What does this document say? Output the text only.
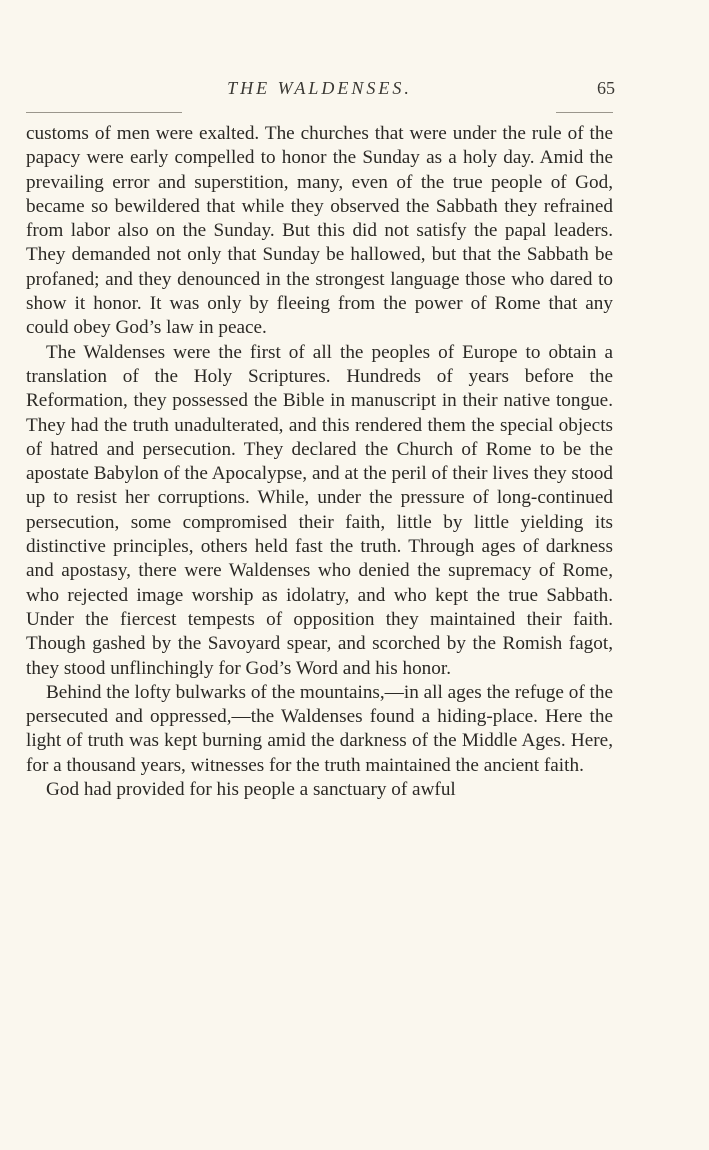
THE WALDENSES.	65

customs of men were exalted. The churches that were under the rule of the papacy were early compelled to honor the Sunday as a holy day. Amid the prevailing error and superstition, many, even of the true people of God, became so bewildered that while they observed the Sabbath they refrained from labor also on the Sunday. But this did not satisfy the papal leaders. They demanded not only that Sunday be hallowed, but that the Sabbath be profaned; and they denounced in the strongest language those who dared to show it honor. It was only by fleeing from the power of Rome that any could obey God’s law in peace.

The Waldenses were the first of all the peoples of Europe to obtain a translation of the Holy Scriptures. Hundreds of years before the Reformation, they possessed the Bible in manuscript in their native tongue. They had the truth unadulterated, and this rendered them the special objects of hatred and persecution. They declared the Church of Rome to be the apostate Babylon of the Apocalypse, and at the peril of their lives they stood up to resist her corruptions. While, under the pressure of long-continued persecution, some compromised their faith, little by little yielding its distinctive principles, others held fast the truth. Through ages of darkness and apostasy, there were Waldenses who denied the supremacy of Rome, who rejected image worship as idolatry, and who kept the true Sabbath. Under the fiercest tempests of opposition they maintained their faith. Though gashed by the Savoyard spear, and scorched by the Romish fagot, they stood unflinchingly for God’s Word and his honor.

Behind the lofty bulwarks of the mountains,—in all ages the refuge of the persecuted and oppressed,—the Waldenses found a hiding-place. Here the light of truth was kept burning amid the darkness of the Middle Ages. Here, for a thousand years, witnesses for the truth maintained the ancient faith.

God had provided for his people a sanctuary of awful
